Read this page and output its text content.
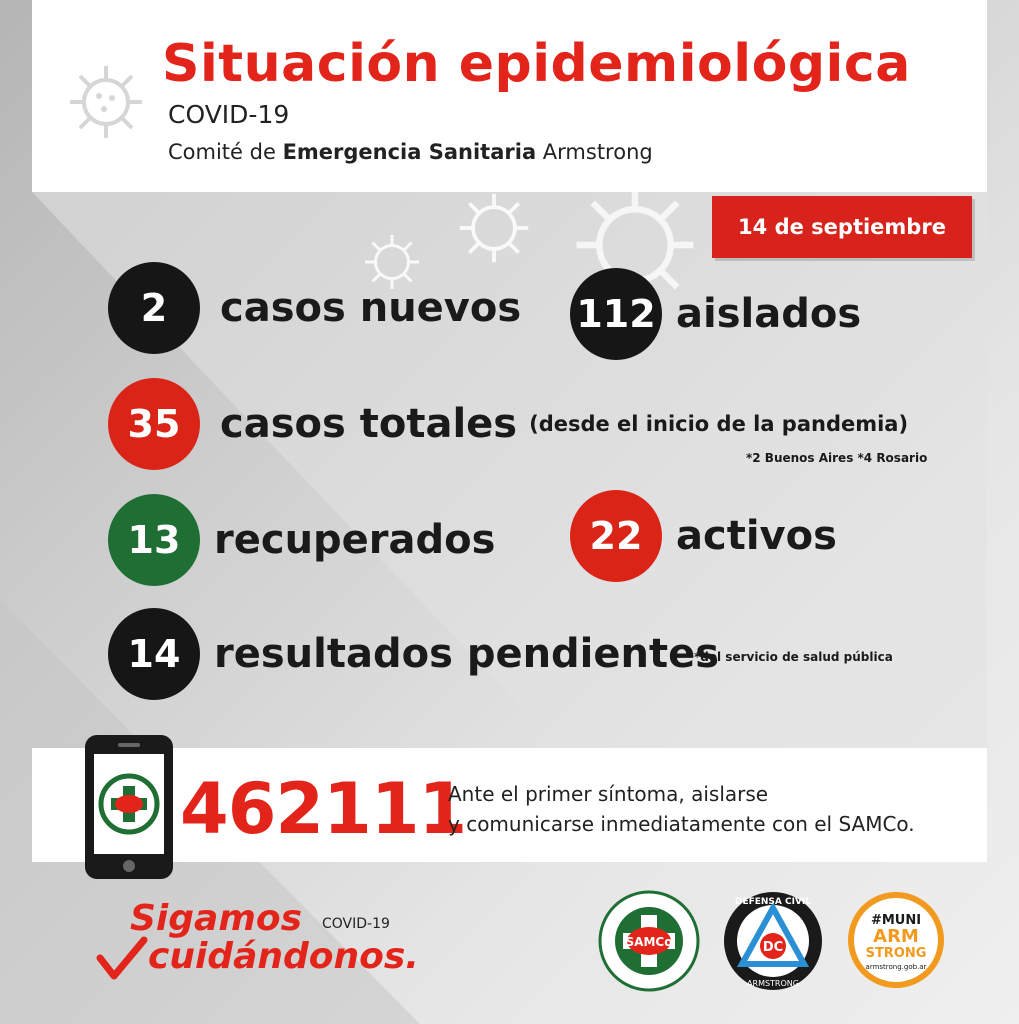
Situación epidemiológica
COVID-19
Comité de Emergencia Sanitaria Armstrong
14 de septiembre
2	casos nuevos 112 aislados
35 casos totales (desde el inicio de la pandemia)
*2 Buenos Aires *4 Rosario
13 recuperados	22 activos
14 resultados pendientes
*del servicio de salud pública
462111
Ante el primer síntoma, aislarse
y comunicarse inmediatamente con el SAMCo.
Sigamos
cuidándonos.
COVID-19
SAMCo	DC
DEFENSA CIVIL
ARMSTRONG
#MUNI
ARM
STRONG
armstrong.gob.ar
